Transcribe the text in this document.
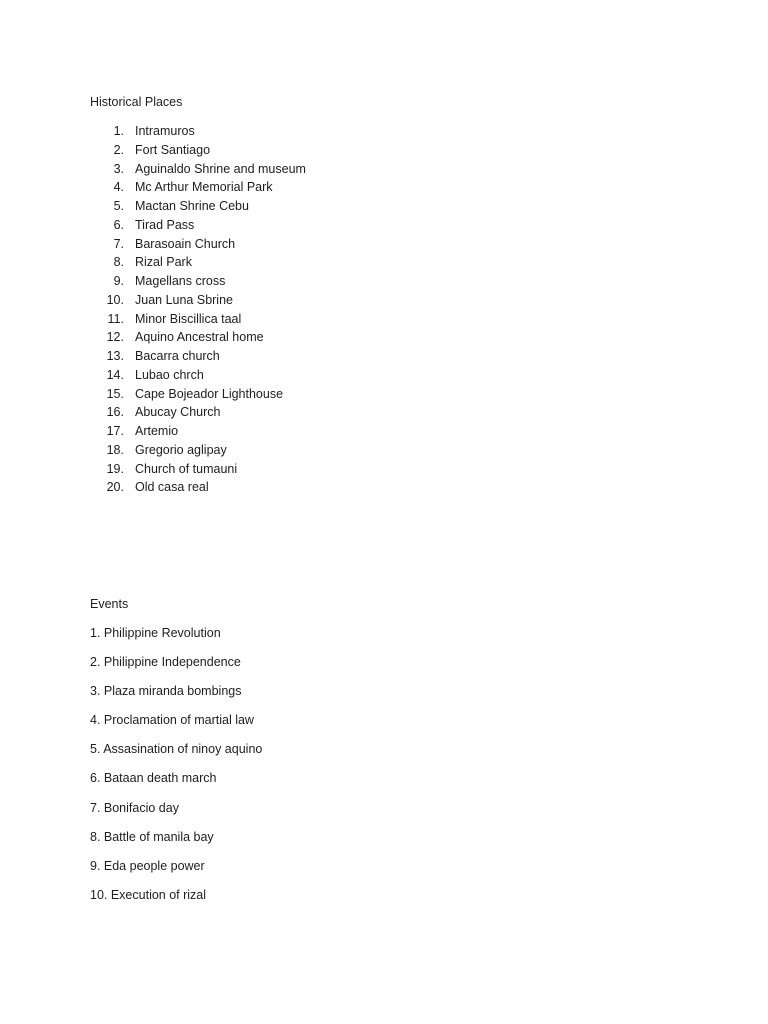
Historical Places
1. Intramuros
2. Fort Santiago
3. Aguinaldo Shrine and museum
4. Mc Arthur Memorial Park
5. Mactan Shrine Cebu
6. Tirad Pass
7. Barasoain Church
8. Rizal Park
9. Magellans cross
10. Juan Luna Sbrine
11. Minor Biscillica taal
12. Aquino Ancestral home
13. Bacarra church
14. Lubao chrch
15. Cape Bojeador Lighthouse
16. Abucay Church
17. Artemio
18. Gregorio aglipay
19. Church of tumauni
20. Old casa real
Events
1. Philippine Revolution
2. Philippine Independence
3. Plaza miranda bombings
4. Proclamation of martial law
5. Assasination of ninoy aquino
6. Bataan death march
7. Bonifacio day
8. Battle of manila bay
9. Eda people power
10. Execution of rizal
